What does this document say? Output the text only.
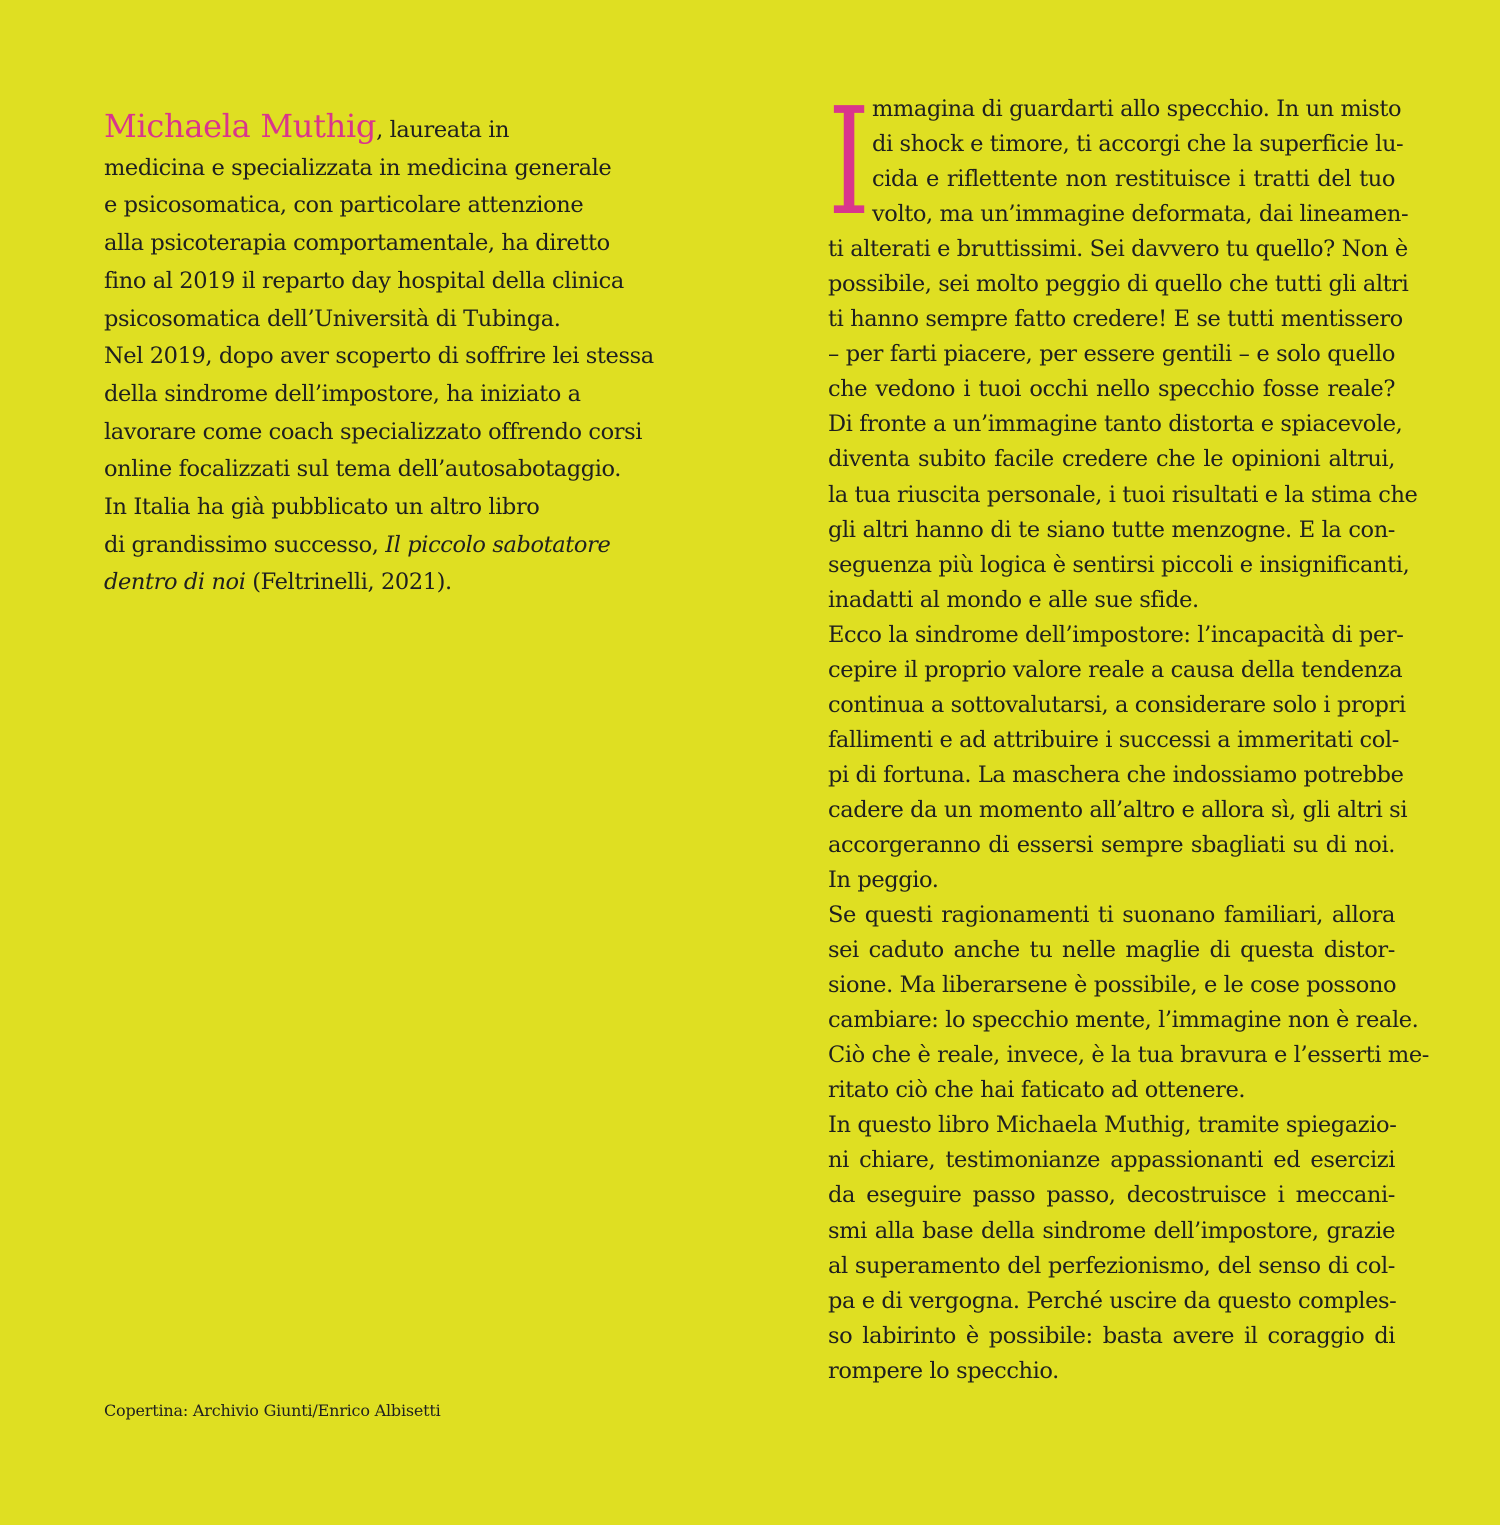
Michaela Muthig, laureata in
medicina e specializzata in medicina generale
e psicosomatica, con particolare attenzione
alla psicoterapia comportamentale, ha diretto
fino al 2019 il reparto day hospital della clinica
psicosomatica dell’Università di Tubinga.
Nel 2019, dopo aver scoperto di soffrire lei stessa
della sindrome dell’impostore, ha iniziato a
lavorare come coach specializzato offrendo corsi
online focalizzati sul tema dell’autosabotaggio.
In Italia ha già pubblicato un altro libro
di grandissimo successo, Il piccolo sabotatore
dentro di noi (Feltrinelli, 2021).
I mmagina di guardarti allo specchio. In un misto
di shock e timore, ti accorgi che la superficie lu-
cida e riflettente non restituisce i tratti del tuo
volto, ma un’immagine deformata, dai lineamen-
ti alterati e bruttissimi. Sei davvero tu quello? Non è
possibile, sei molto peggio di quello che tutti gli altri
ti hanno sempre fatto credere! E se tutti mentissero
– per farti piacere, per essere gentili – e solo quello
che vedono i tuoi occhi nello specchio fosse reale?
Di fronte a un’immagine tanto distorta e spiacevole,
diventa subito facile credere che le opinioni altrui,
la tua riuscita personale, i tuoi risultati e la stima che
gli altri hanno di te siano tutte menzogne. E la con-
seguenza più logica è sentirsi piccoli e insignificanti,
inadatti al mondo e alle sue sfide.
Ecco la sindrome dell’impostore: l’incapacità di per-
cepire il proprio valore reale a causa della tendenza
continua a sottovalutarsi, a considerare solo i propri
fallimenti e ad attribuire i successi a immeritati col-
pi di fortuna. La maschera che indossiamo potrebbe
cadere da un momento all’altro e allora sì, gli altri si
accorgeranno di essersi sempre sbagliati su di noi.
In peggio.
Se questi ragionamenti ti suonano familiari, allora
sei caduto anche tu nelle maglie di questa distor-
sione. Ma liberarsene è possibile, e le cose possono
cambiare: lo specchio mente, l’immagine non è reale.
Ciò che è reale, invece, è la tua bravura e l’esserti me-
ritato ciò che hai faticato ad ottenere.
In questo libro Michaela Muthig, tramite spiegazio-
ni chiare, testimonianze appassionanti ed esercizi
da eseguire passo passo, decostruisce i meccani-
smi alla base della sindrome dell’impostore, grazie
al superamento del perfezionismo, del senso di col-
pa e di vergogna. Perché uscire da questo comples-
so labirinto è possibile: basta avere il coraggio di
rompere lo specchio.
Copertina: Archivio Giunti/Enrico Albisetti
